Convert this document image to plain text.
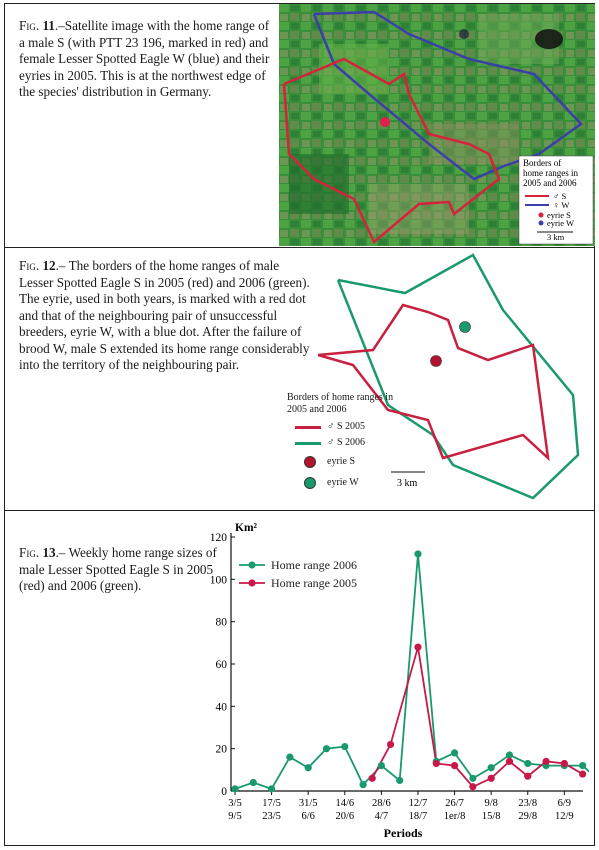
Fig. 11.–Satellite image with the home range of a male S (with PTT 23 196, marked in red) and female Lesser Spotted Eagle W (blue) and their eyries in 2005. This is at the northwest edge of the species' distribution in Germany.
Borders of
home ranges in
2005 and 2006
♂ S
♀ W
eyrie S
eyrie W
3 km
Fig. 12.– The borders of the home ranges of male Lesser Spotted Eagle S in 2005 (red) and 2006 (green). The eyrie, used in both years, is marked with a red dot and that of the neighbouring pair of unsuccessful breeders, eyrie W, with a blue dot. After the failure of brood W, male S extended its home range considerably into the territory of the neighbouring pair.
3 km
Borders of home ranges in 2005 and 2006
♂ S 2005
♂ S 2006
eyrie S
eyrie W
Fig. 13.– Weekly home range sizes of male Lesser Spotted Eagle S in 2005 (red) and 2006 (green).
0
20
40
60
80
100
120
Km²
3/5
9/5
17/5
23/5
31/5
6/6
14/6
20/6
28/6
4/7
12/7
18/7
26/7
1er/8
9/8
15/8
23/8
29/8
6/9
12/9
Periods
Home range 2006
Home range 2005
